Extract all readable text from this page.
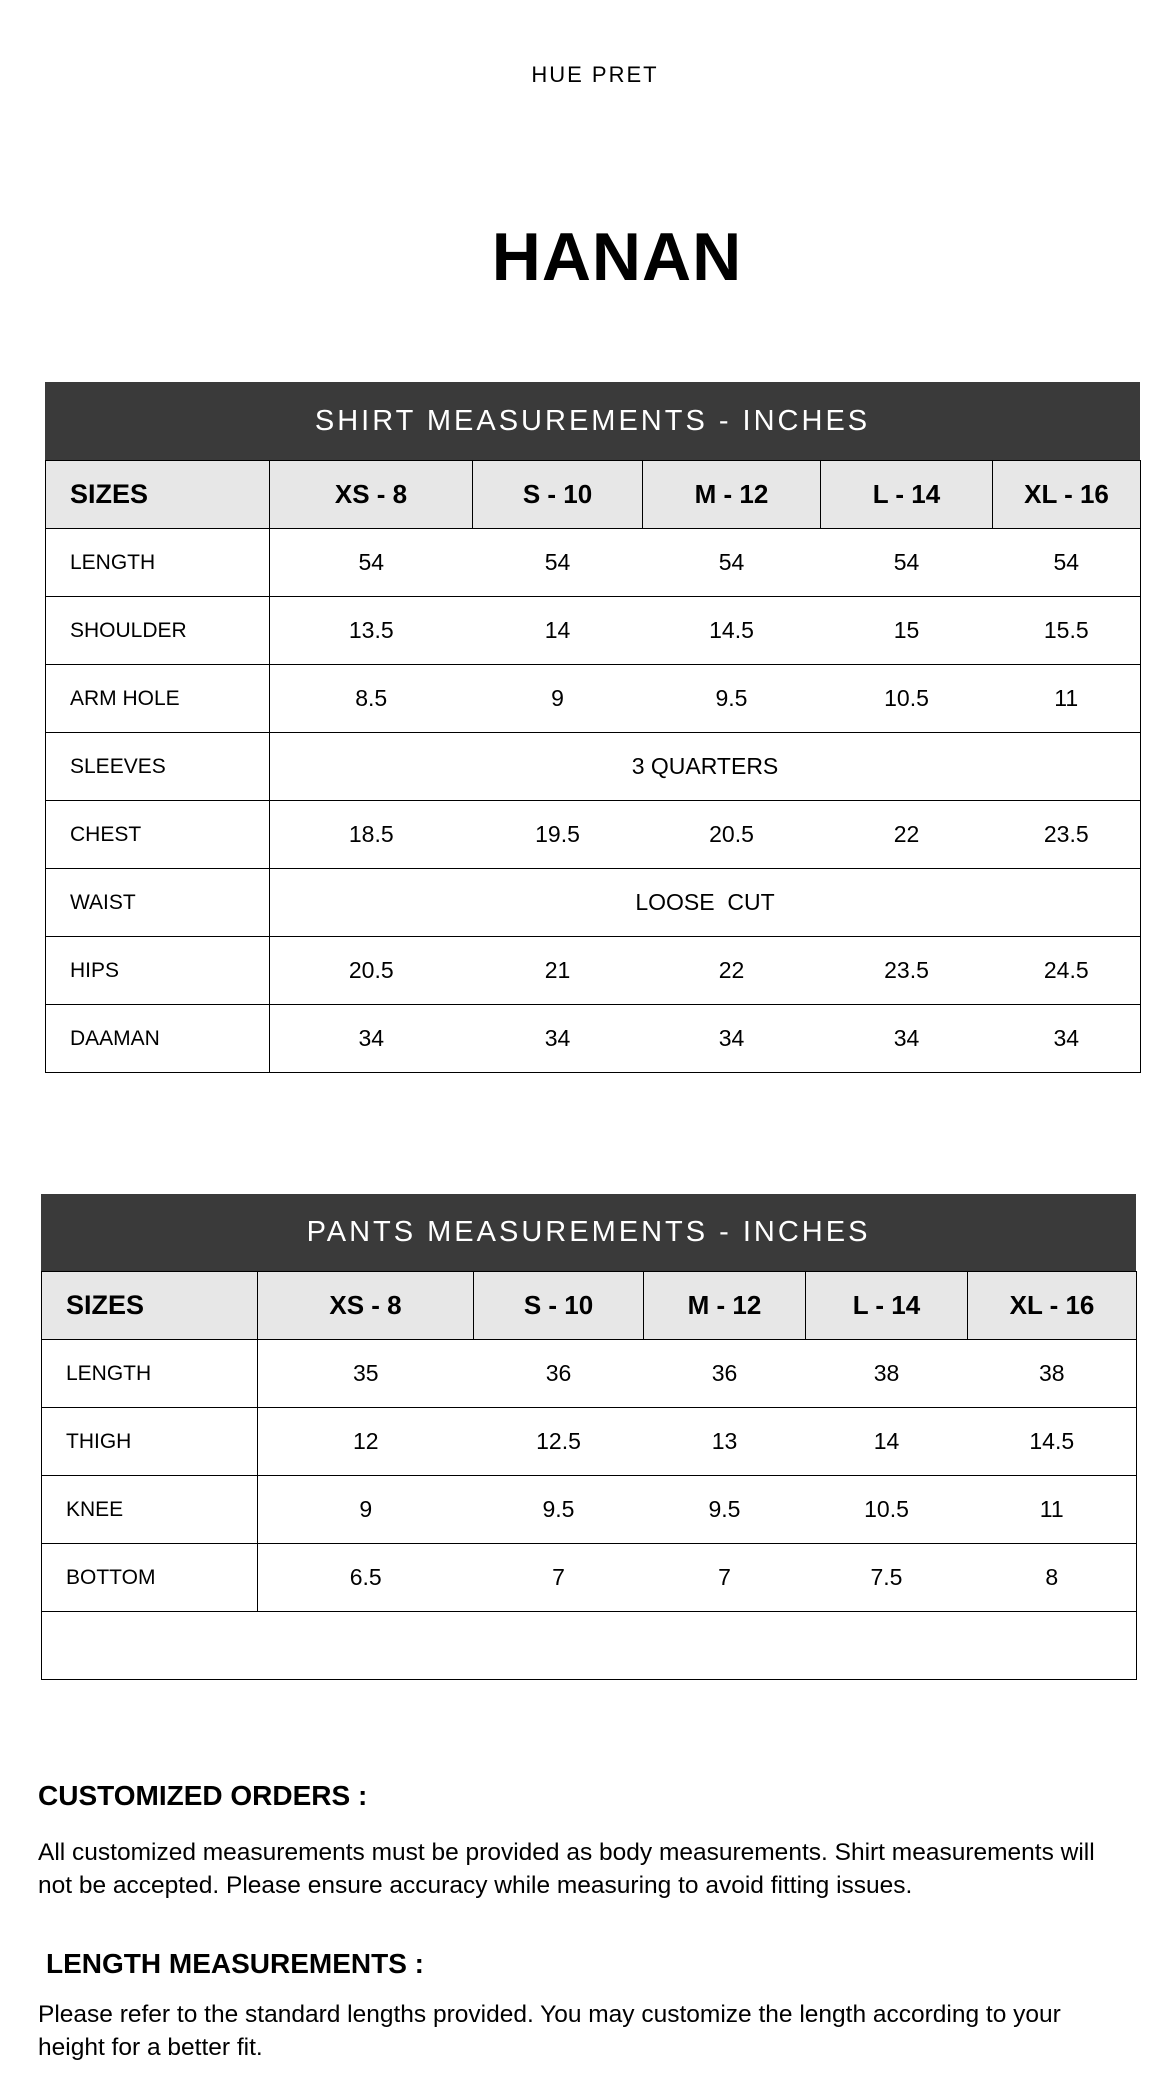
HUE PRET
HANAN
SHIRT MEASUREMENTS - INCHES
SIZES	XS - 8	S - 10	M - 12	L - 14	XL - 16
LENGTH	54	54	54	54	54
SHOULDER	13.5	14	14.5	15	15.5
ARM HOLE	8.5	9	9.5	10.5	11
SLEEVES	3 QUARTERS				
CHEST	18.5	19.5	20.5	22	23.5
WAIST	LOOSE  CUT				
HIPS	20.5	21	22	23.5	24.5
DAAMAN	34	34	34	34	34
PANTS MEASUREMENTS - INCHES
SIZES	XS - 8	S - 10	M - 12	L - 14	XL - 16
LENGTH	35	36	36	38	38
THIGH	12	12.5	13	14	14.5
KNEE	9	9.5	9.5	10.5	11
BOTTOM	6.5	7	7	7.5	8

CUSTOMIZED ORDERS :
All customized measurements must be provided as body measurements. Shirt measurements will not be accepted. Please ensure accuracy while measuring to avoid fitting issues.
LENGTH MEASUREMENTS :
Please refer to the standard lengths provided. You may customize the length according to your height for a better fit.
